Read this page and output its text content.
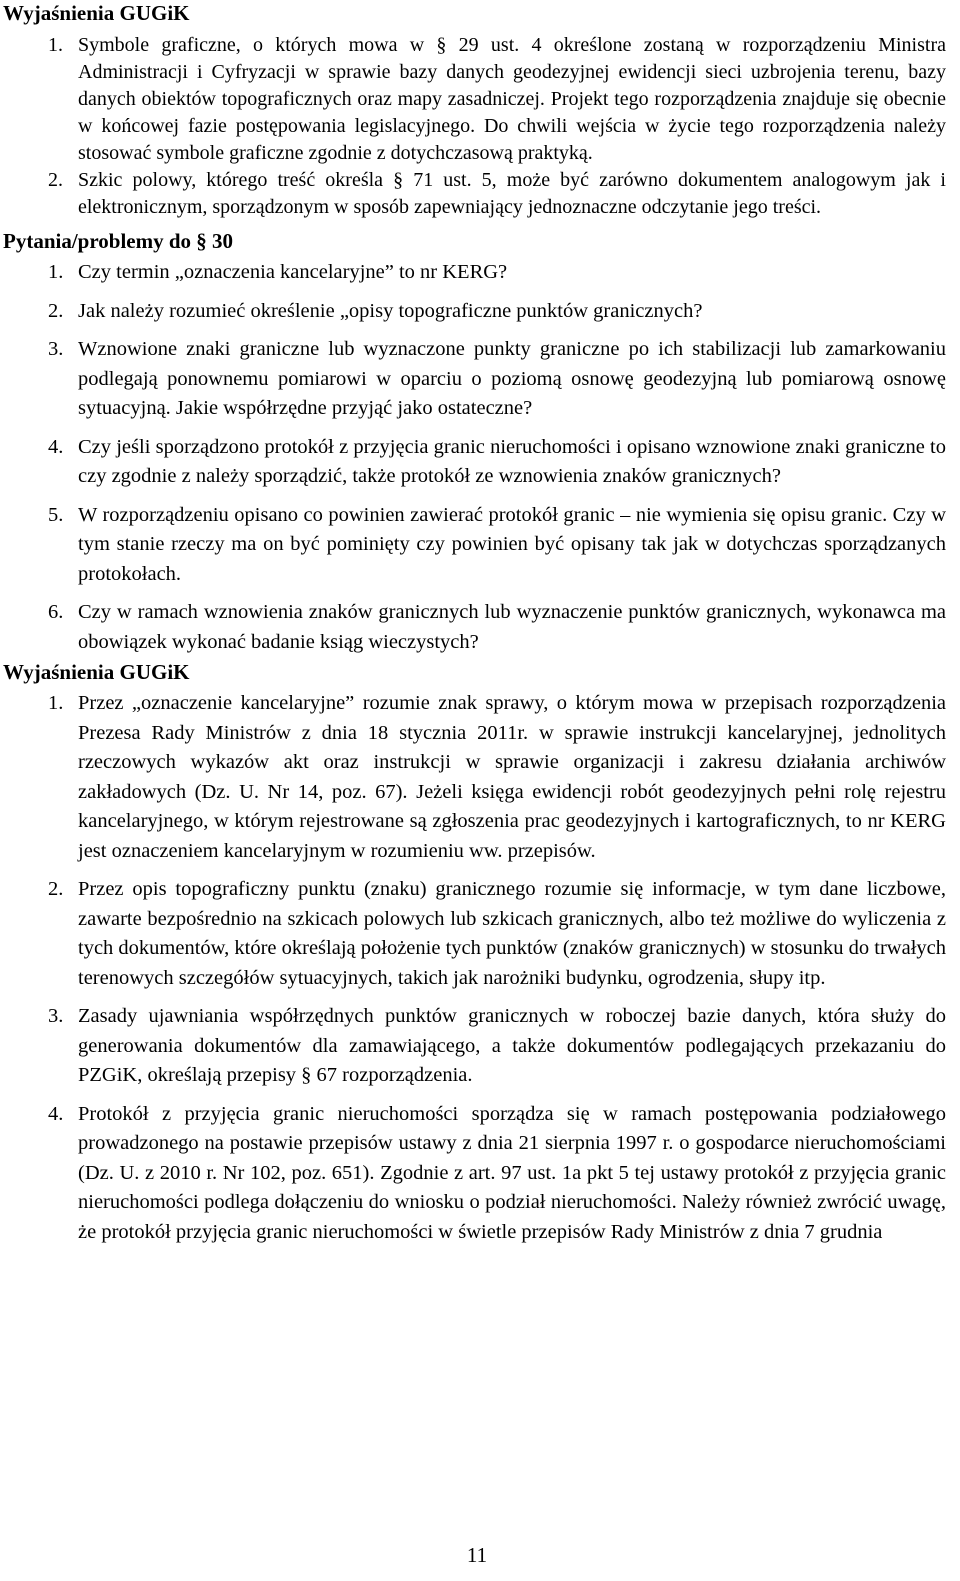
Wyjaśnienia GUGiK

1. Symbole graficzne, o których mowa w § 29 ust. 4 określone zostaną w rozporządzeniu Ministra Administracji i Cyfryzacji w sprawie bazy danych geodezyjnej ewidencji sieci uzbrojenia terenu, bazy danych obiektów topograficznych oraz mapy zasadniczej. Projekt tego rozporządzenia znajduje się obecnie w końcowej fazie postępowania legislacyjnego. Do chwili wejścia w życie tego rozporządzenia należy stosować symbole graficzne zgodnie z dotychczasową praktyką.
2. Szkic polowy, którego treść określa § 71 ust. 5, może być zarówno dokumentem analogowym jak i elektronicznym, sporządzonym w sposób zapewniający jednoznaczne odczytanie jego treści.

Pytania/problemy do § 30

1. Czy termin „oznaczenia kancelaryjne” to nr KERG?
2. Jak należy rozumieć określenie „opisy topograficzne punktów granicznych?
3. Wznowione znaki graniczne lub wyznaczone punkty graniczne po ich stabilizacji lub zamarkowaniu podlegają ponownemu pomiarowi w oparciu o poziomą osnowę geodezyjną lub pomiarową osnowę sytuacyjną. Jakie współrzędne przyjąć jako ostateczne?
4. Czy jeśli sporządzono protokół z przyjęcia granic nieruchomości i opisano wznowione znaki graniczne to czy zgodnie z należy sporządzić, także protokół ze wznowienia znaków granicznych?
5. W rozporządzeniu opisano co powinien zawierać protokół granic – nie wymienia się opisu granic. Czy w tym stanie rzeczy ma on być pominięty czy powinien być opisany tak jak w dotychczas sporządzanych protokołach.
6. Czy w ramach wznowienia znaków granicznych lub wyznaczenie punktów granicznych, wykonawca ma obowiązek wykonać badanie ksiąg wieczystych?

Wyjaśnienia GUGiK

1. Przez „oznaczenie kancelaryjne” rozumie znak sprawy, o którym mowa w przepisach rozporządzenia Prezesa Rady Ministrów z dnia 18 stycznia 2011r. w sprawie instrukcji kancelaryjnej, jednolitych rzeczowych wykazów akt oraz instrukcji w sprawie organizacji i zakresu działania archiwów zakładowych (Dz. U. Nr 14, poz. 67). Jeżeli księga ewidencji robót geodezyjnych pełni rolę rejestru kancelaryjnego, w którym rejestrowane są zgłoszenia prac geodezyjnych i kartograficznych, to nr KERG jest oznaczeniem kancelaryjnym w rozumieniu ww. przepisów.
2. Przez opis topograficzny punktu (znaku) granicznego rozumie się informacje, w tym dane liczbowe, zawarte bezpośrednio na szkicach polowych lub szkicach granicznych, albo też możliwe do wyliczenia z tych dokumentów, które określają położenie tych punktów (znaków granicznych) w stosunku do trwałych terenowych szczegółów sytuacyjnych, takich jak narożniki budynku, ogrodzenia, słupy itp.
3. Zasady ujawniania współrzędnych punktów granicznych w roboczej bazie danych, która służy do generowania dokumentów dla zamawiającego, a także dokumentów podlegających przekazaniu do PZGiK, określają przepisy § 67 rozporządzenia.
4. Protokół z przyjęcia granic nieruchomości sporządza się w ramach postępowania podziałowego prowadzonego na postawie przepisów ustawy z dnia 21 sierpnia 1997 r. o gospodarce nieruchomościami (Dz. U. z 2010 r. Nr 102, poz. 651). Zgodnie z art. 97 ust. 1a pkt 5 tej ustawy protokół z przyjęcia granic nieruchomości podlega dołączeniu do wniosku o podział nieruchomości. Należy również zwrócić uwagę, że protokół przyjęcia granic nieruchomości w świetle przepisów Rady Ministrów z dnia 7 grudnia
11
